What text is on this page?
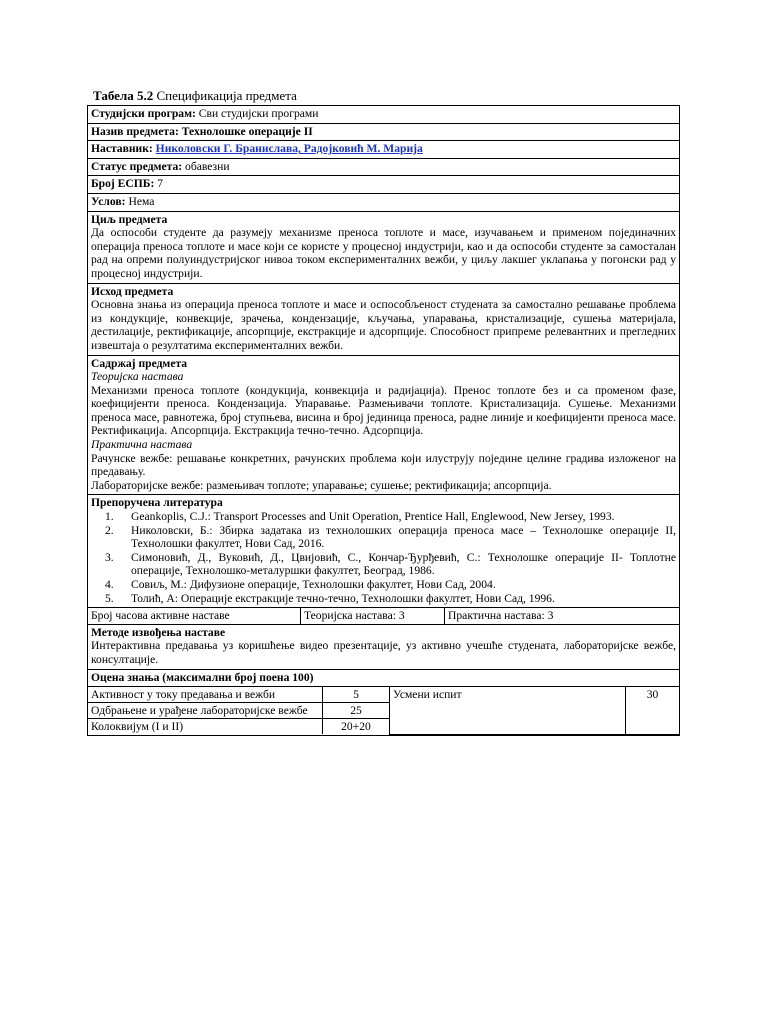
Табела 5.2 Спецификација предмета
Студијски програм: Сви студијски програми
Назив предмета: Технолошке операције II
Наставник: Николовски Г. Бранислава, Радојковић М. Марија
Статус предмета: обавезни
Број ЕСПБ: 7
Услов: Нема
Циљ предмета
Да оспособи студенте да разумеју механизме преноса топлоте и масе, изучавањем и применом појединачних операција преноса топлоте и масе који се користе у процесној индустрији, као и да оспособи студенте за самосталан рад на опреми полуиндустријског нивоа током експерименталних вежби, у циљу лакшег уклапања у погонски рад у процесној индустрији.
Исход предмета
Основна знања из операција преноса топлоте и масе и оспособљеност студената за самостално решавање проблема из кондукције, конвекције, зрачења, кондензације, кључања, упаравања, кристализације, сушења материјала, дестилације, ректификације, апсорпције, екстракције и адсорпције. Способност припреме релевантних и прегледних извештаја о резултатима експерименталних вежби.
Садржај предмета
Теоријска настава
Механизми преноса топлоте (кондукција, конвекција и радијација). Пренос топлоте без и са променом фазе, коефицијенти преноса. Кондензација. Упаравање. Размењивачи топлоте. Кристализација. Сушење. Механизми преноса масе, равнотежа, број ступњева, висина и број јединица преноса, радне линије и коефицијенти преноса масе. Ректификација. Апсорпција. Екстракција течно-течно. Адсорпција.
Практична настава
Рачунске вежбе: решавање конкретних, рачунских проблема који илуструју поједине целине градива изложеног на предавању.
Лабораторијске вежбе: размењивач топлоте; упаравање; сушење; ректификација; апсорпција.
Препоручена литература
1. Geankoplis, C.J.: Transport Processes and Unit Operation, Prentice Hall, Englewood, New Jersey, 1993.
2. Николовски, Б.: Збирка задатака из технолошких операција преноса масе – Технолошке операције II, Технолошки факултет, Нови Сад, 2016.
3. Симоновић, Д., Вуковић, Д., Цвијовић, С., Кончар-Ђурђевић, С.: Технолошке операције II- Топлотне операције, Технолошко-металуршки факултет, Београд, 1986.
4. Совиљ, М.: Дифузионе операције, Технолошки факултет, Нови Сад, 2004.
5. Толић, А: Операције екстракције течно-течно, Технолошки факултет, Нови Сад, 1996.
Број часова активне наставе	Теоријска настава: 3	Практична настава: 3
Методе извођења наставе
Интерактивна предавања уз коришћење видео презентације, уз активно учешће студената, лабораторијске вежбе, консултације.
Оцена знања (максимални број поена 100)
Активност у току предавања и вежби	5	Усмени испит	30
Одбрањене и урађене лабораторијске вежбе	25		
Колоквијум (I и II)	20+20		
